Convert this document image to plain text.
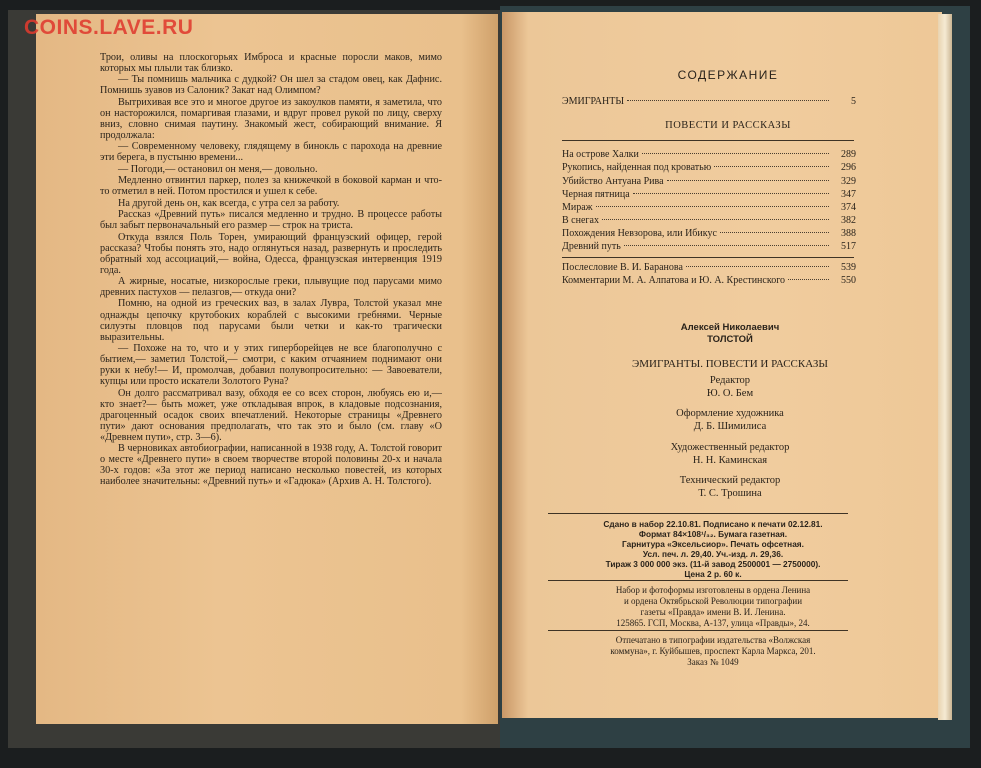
COINS.LAVE.RU

Трои, оливы на плоскогорьях Имброса и красные поросли маков, мимо которых мы плыли так близко.

— Ты помнишь мальчика с дудкой? Он шел за стадом овец, как Дафнис. Помнишь зуавов из Салоник? Закат над Олимпом?

Вытрихивая все это и многое другое из закоулков памяти, я заметила, что он насторожился, помаргивая глазами, и вдруг провел рукой по лицу, сверху вниз, словно снимая паутину. Знакомый жест, собирающий внимание. Я продолжала:

— Современному человеку, глядящему в бинокль с парохода на древние эти берега, в пустыню времени...

— Погоди,— остановил он меня,— довольно.

Медленно отвинтил паркер, полез за книжечкой в боковой карман и что-то отметил в ней. Потом простился и ушел к себе.

На другой день он, как всегда, с утра сел за работу.

Рассказ «Древний путь» писался медленно и трудно. В процессе работы был забыт первоначальный его размер — строк на триста.

Откуда взялся Поль Торен, умирающий французский офицер, герой рассказа? Чтобы понять это, надо оглянуться назад, развернуть и проследить обратный ход ассоциаций,— война, Одесса, французская интервенция 1919 года.

А жирные, носатые, низкорослые греки, плывущие под парусами мимо древних пастухов — пелазгов,— откуда они?

Помню, на одной из греческих ваз, в залах Лувра, Толстой указал мне однажды цепочку крутобоких кораблей с высокими гребнями. Черные силуэты пловцов под парусами были четки и как-то трагически выразительны.

— Похоже на то, что и у этих гиперборейцев не все благополучно с бытием,— заметил Толстой,— смотри, с каким отчаянием поднимают они руки к небу!— И, промолчав, добавил полувопросительно: — Завоеватели, купцы или просто искатели Золотого Руна?

Он долго рассматривал вазу, обходя ее со всех сторон, любуясь ею и,— кто знает?— быть может, уже откладывая впрок, в кладовые подсознания, драгоценный осадок своих впечатлений. Некоторые страницы «Древнего пути» дают основания предполагать, что так это и было (см. главу «О «Древнем пути», стр. 3—6).

В черновиках автобиографии, написанной в 1938 году, А. Толстой говорит о месте «Древнего пути» в своем творчестве второй половины 20-х и начала 30-х годов: «За этот же период написано несколько повестей, из которых наиболее значительны: «Древний путь» и «Гадюка» (Архив А. Н. Толстого).

СОДЕРЖАНИЕ
ЭМИГРАНТЫ	5
ПОВЕСТИ И РАССКАЗЫ
На острове Халки	289
Рукопись, найденная под кроватью	296
Убийство Антуана Рива	329
Черная пятница	347
Мираж	374
В снегах	382
Похождения Невзорова, или Ибикус	388
Древний путь	517
Послесловие В. И. Баранова	539
Комментарии М. А. Алпатова и Ю. А. Крестинского	550
Алексей Николаевич
ТОЛСТОЙ
ЭМИГРАНТЫ. ПОВЕСТИ И РАССКАЗЫ
Редактор
Ю. О. Бем
Оформление художника
Д. Б. Шимилиса
Художественный редактор
Н. Н. Каминская
Технический редактор
Т. С. Трошина
Сдано в набор 22.10.81. Подписано к печати 02.12.81.
Формат 84×108¹/₃₂. Бумага газетная.
Гарнитура «Эксельсиор». Печать офсетная.
Усл. печ. л. 29,40. Уч.-изд. л. 29,36.
Тираж 3 000 000 экз. (11-й завод 2500001 — 2750000).
Цена 2 р. 60 к.
Набор и фотоформы изготовлены в ордена Ленина
и ордена Октябрьской Революции типографии
газеты «Правда» имени В. И. Ленина.
125865. ГСП, Москва, А-137, улица «Правды», 24.
Отпечатано в типографии издательства «Волжская
коммуна», г. Куйбышев, проспект Карла Маркса, 201.
Заказ № 1049
